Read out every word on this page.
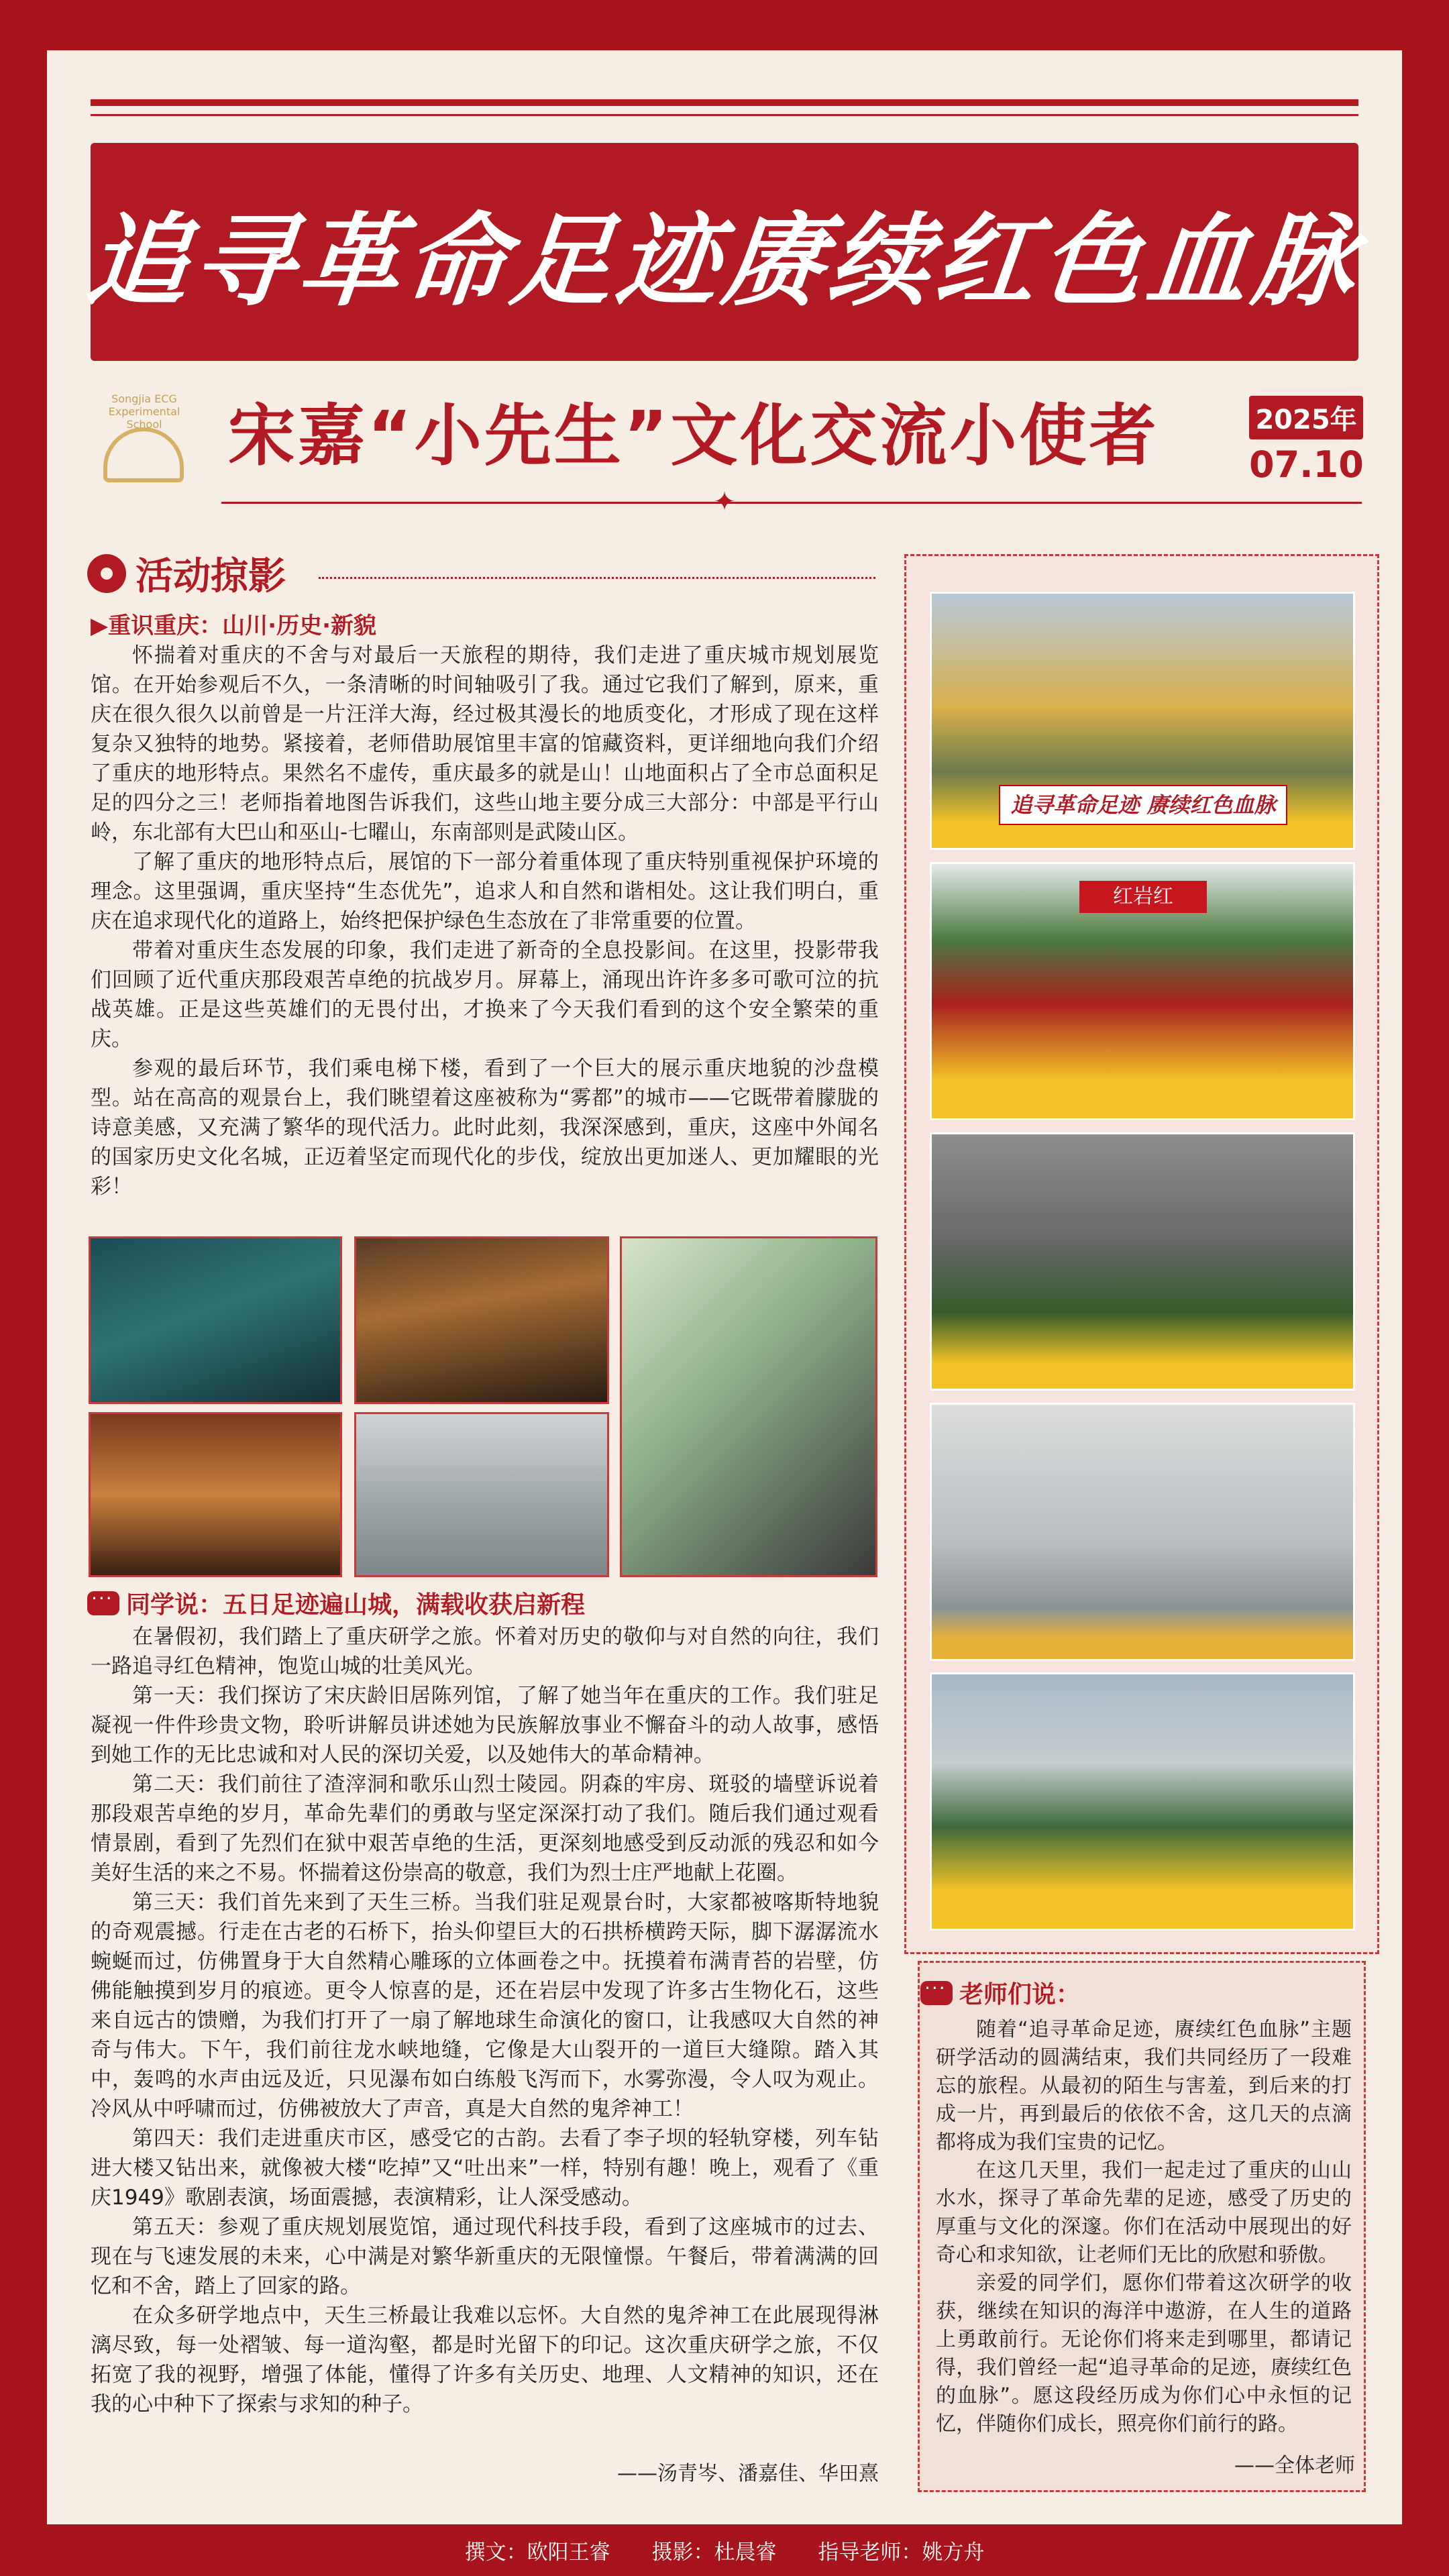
追寻革命足迹
赓续红色血脉
Songjia ECG Experimental School 宋嘉“小先生”文化交流小使者	2025年
07.10
✦
活动掠影
▶重识重庆：山川·历史·新貌

怀揣着对重庆的不舍与对最后一天旅程的期待，我们走进了重庆城市规划展览馆。在开始参观后不久，一条清晰的时间轴吸引了我。通过它我们了解到，原来，重庆在很久很久以前曾是一片汪洋大海，经过极其漫长的地质变化，才形成了现在这样复杂又独特的地势。紧接着，老师借助展馆里丰富的馆藏资料，更详细地向我们介绍了重庆的地形特点。果然名不虚传，重庆最多的就是山！山地面积占了全市总面积足足的四分之三！老师指着地图告诉我们，这些山地主要分成三大部分：中部是平行山岭，东北部有大巴山和巫山-七曜山，东南部则是武陵山区。

了解了重庆的地形特点后，展馆的下一部分着重体现了重庆特别重视保护环境的理念。这里强调，重庆坚持“生态优先”，追求人和自然和谐相处。这让我们明白，重庆在追求现代化的道路上，始终把保护绿色生态放在了非常重要的位置。

带着对重庆生态发展的印象，我们走进了新奇的全息投影间。在这里，投影带我们回顾了近代重庆那段艰苦卓绝的抗战岁月。屏幕上，涌现出许许多多可歌可泣的抗战英雄。正是这些英雄们的无畏付出，才换来了今天我们看到的这个安全繁荣的重庆。

参观的最后环节，我们乘电梯下楼，看到了一个巨大的展示重庆地貌的沙盘模型。站在高高的观景台上，我们眺望着这座被称为“雾都”的城市——它既带着朦胧的诗意美感，又充满了繁华的现代活力。此时此刻，我深深感到，重庆，这座中外闻名的国家历史文化名城，正迈着坚定而现代化的步伐，绽放出更加迷人、更加耀眼的光彩！

···
同学说：五日足迹遍山城，满载收获启新程

在暑假初，我们踏上了重庆研学之旅。怀着对历史的敬仰与对自然的向往，我们一路追寻红色精神，饱览山城的壮美风光。

第一天：我们探访了宋庆龄旧居陈列馆，了解了她当年在重庆的工作。我们驻足凝视一件件珍贵文物，聆听讲解员讲述她为民族解放事业不懈奋斗的动人故事，感悟到她工作的无比忠诚和对人民的深切关爱，以及她伟大的革命精神。

第二天：我们前往了渣滓洞和歌乐山烈士陵园。阴森的牢房、斑驳的墙壁诉说着那段艰苦卓绝的岁月，革命先辈们的勇敢与坚定深深打动了我们。随后我们通过观看情景剧，看到了先烈们在狱中艰苦卓绝的生活，更深刻地感受到反动派的残忍和如今美好生活的来之不易。怀揣着这份崇高的敬意，我们为烈士庄严地献上花圈。

第三天：我们首先来到了天生三桥。当我们驻足观景台时，大家都被喀斯特地貌的奇观震撼。行走在古老的石桥下，抬头仰望巨大的石拱桥横跨天际，脚下潺潺流水蜿蜒而过，仿佛置身于大自然精心雕琢的立体画卷之中。抚摸着布满青苔的岩壁，仿佛能触摸到岁月的痕迹。更令人惊喜的是，还在岩层中发现了许多古生物化石，这些来自远古的馈赠，为我们打开了一扇了解地球生命演化的窗口，让我感叹大自然的神奇与伟大。下午，我们前往龙水峡地缝，它像是大山裂开的一道巨大缝隙。踏入其中，轰鸣的水声由远及近，只见瀑布如白练般飞泻而下，水雾弥漫，令人叹为观止。冷风从中呼啸而过，仿佛被放大了声音，真是大自然的鬼斧神工！

第四天：我们走进重庆市区，感受它的古韵。去看了李子坝的轻轨穿楼，列车钻进大楼又钻出来，就像被大楼“吃掉”又“吐出来”一样，特别有趣！晚上，观看了《重庆1949》歌剧表演，场面震撼，表演精彩，让人深受感动。

第五天：参观了重庆规划展览馆，通过现代科技手段，看到了这座城市的过去、现在与飞速发展的未来，心中满是对繁华新重庆的无限憧憬。午餐后，带着满满的回忆和不舍，踏上了回家的路。

在众多研学地点中，天生三桥最让我难以忘怀。大自然的鬼斧神工在此展现得淋漓尽致，每一处褶皱、每一道沟壑，都是时光留下的印记。这次重庆研学之旅，不仅拓宽了我的视野，增强了体能，懂得了许多有关历史、地理、人文精神的知识，还在我的心中种下了探索与求知的种子。

——汤青岑、潘嘉佳、华田熹
追寻革命足迹 赓续红色血脉
红岩红
···
老师们说：

随着“追寻革命足迹，赓续红色血脉”主题研学活动的圆满结束，我们共同经历了一段难忘的旅程。从最初的陌生与害羞，到后来的打成一片，再到最后的依依不舍，这几天的点滴都将成为我们宝贵的记忆。

在这几天里，我们一起走过了重庆的山山水水，探寻了革命先辈的足迹，感受了历史的厚重与文化的深邃。你们在活动中展现出的好奇心和求知欲，让老师们无比的欣慰和骄傲。

亲爱的同学们，愿你们带着这次研学的收获，继续在知识的海洋中遨游，在人生的道路上勇敢前行。无论你们将来走到哪里，都请记得，我们曾经一起“追寻革命的足迹，赓续红色的血脉”。愿这段经历成为你们心中永恒的记忆，伴随你们成长，照亮你们前行的路。

——全体老师
撰文：欧阳王睿 摄影：杜晨睿 指导老师：姚方舟
